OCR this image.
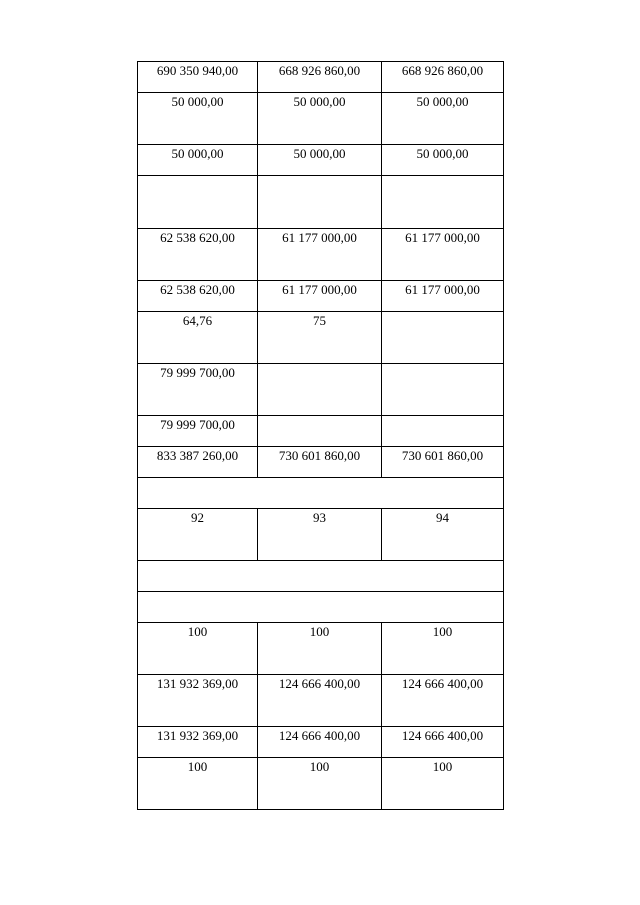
690 350 940,00	668 926 860,00	668 926 860,00
50 000,00	50 000,00	50 000,00
50 000,00	50 000,00	50 000,00

62 538 620,00	61 177 000,00	61 177 000,00
62 538 620,00	61 177 000,00	61 177 000,00
64,76	75	
79 999 700,00		
79 999 700,00		
833 387 260,00	730 601 860,00	730 601 860,00

92	93	94

100	100	100
131 932 369,00	124 666 400,00	124 666 400,00
131 932 369,00	124 666 400,00	124 666 400,00
100	100	100
